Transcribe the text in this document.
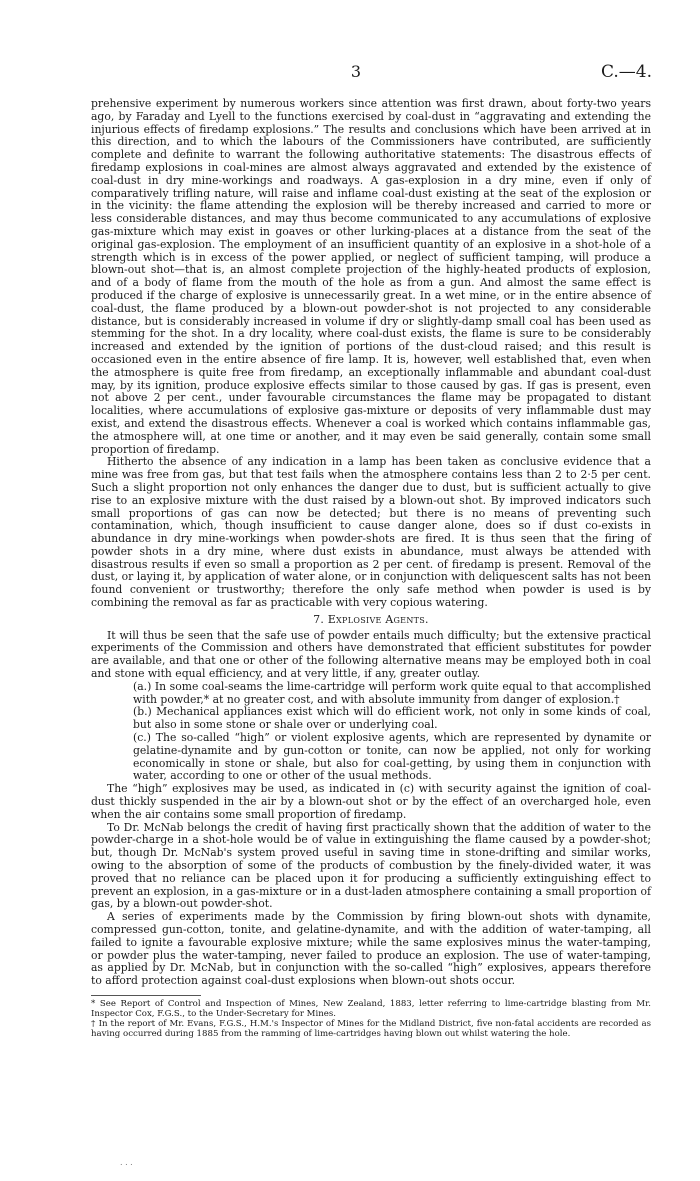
3	C.—4.

prehensive experiment by numerous workers since attention was first drawn, about forty-two years ago, by Faraday and Lyell to the functions exercised by coal-dust in “aggravating and extending the injurious effects of firedamp explosions.” The results and conclusions which have been arrived at in this direction, and to which the labours of the Commissioners have contributed, are sufficiently complete and definite to warrant the following authoritative statements: The disastrous effects of firedamp explosions in coal-mines are almost always aggravated and extended by the existence of coal-dust in dry mine-workings and roadways. A gas-explosion in a dry mine, even if only of comparatively trifling nature, will raise and inflame coal-dust existing at the seat of the explosion or in the vicinity: the flame attending the explosion will be thereby increased and carried to more or less considerable distances, and may thus become communicated to any accumulations of explosive gas-mixture which may exist in goaves or other lurking-places at a distance from the seat of the original gas-explosion. The employment of an insufficient quantity of an explosive in a shot-hole of a strength which is in excess of the power applied, or neglect of sufficient tamping, will produce a blown-out shot—that is, an almost complete projection of the highly-heated products of explosion, and of a body of flame from the mouth of the hole as from a gun. And almost the same effect is produced if the charge of explosive is unnecessarily great. In a wet mine, or in the entire absence of coal-dust, the flame produced by a blown-out powder-shot is not projected to any considerable distance, but is considerably increased in volume if dry or slightly-damp small coal has been used as stemming for the shot. In a dry locality, where coal-dust exists, the flame is sure to be considerably increased and extended by the ignition of portions of the dust-cloud raised; and this result is occasioned even in the entire absence of fire lamp. It is, however, well established that, even when the atmosphere is quite free from firedamp, an exceptionally inflammable and abundant coal-dust may, by its ignition, produce explosive effects similar to those caused by gas. If gas is present, even not above 2 per cent., under favourable circumstances the flame may be propagated to distant localities, where accumulations of explosive gas-mixture or deposits of very inflammable dust may exist, and extend the disastrous effects. Whenever a coal is worked which contains inflammable gas, the atmosphere will, at one time or another, and it may even be said generally, contain some small proportion of firedamp.

Hitherto the absence of any indication in a lamp has been taken as conclusive evidence that a mine was free from gas, but that test fails when the atmosphere contains less than 2 to 2·5 per cent. Such a slight proportion not only enhances the danger due to dust, but is sufficient actually to give rise to an explosive mixture with the dust raised by a blown-out shot. By improved indicators such small proportions of gas can now be detected; but there is no means of preventing such contamination, which, though insufficient to cause danger alone, does so if dust co-exists in abundance in dry mine-workings when powder-shots are fired. It is thus seen that the firing of powder shots in a dry mine, where dust exists in abundance, must always be attended with disastrous results if even so small a proportion as 2 per cent. of firedamp is present. Removal of the dust, or laying it, by application of water alone, or in conjunction with deliquescent salts has not been found convenient or trustworthy; therefore the only safe method when powder is used is by combining the removal as far as practicable with very copious watering.

7. Explosive Agents.

It will thus be seen that the safe use of powder entails much difficulty; but the extensive practical experiments of the Commission and others have demonstrated that efficient substitutes for powder are available, and that one or other of the following alternative means may be employed both in coal and stone with equal efficiency, and at very little, if any, greater outlay.

(a.) In some coal-seams the lime-cartridge will perform work quite equal to that accomplished with powder,* at no greater cost, and with absolute immunity from danger of explosion.†

(b.) Mechanical appliances exist which will do efficient work, not only in some kinds of coal, but also in some stone or shale over or underlying coal.

(c.) The so-called “high” or violent explosive agents, which are represented by dynamite or gelatine-dynamite and by gun-cotton or tonite, can now be applied, not only for working economically in stone or shale, but also for coal-getting, by using them in conjunction with water, according to one or other of the usual methods.

The “high” explosives may be used, as indicated in (c) with security against the ignition of coal-dust thickly suspended in the air by a blown-out shot or by the effect of an overcharged hole, even when the air contains some small proportion of firedamp.

To Dr. McNab belongs the credit of having first practically shown that the addition of water to the powder-charge in a shot-hole would be of value in extinguishing the flame caused by a powder-shot; but, though Dr. McNab's system proved useful in saving time in stone-drifting and similar works, owing to the absorption of some of the products of combustion by the finely-divided water, it was proved that no reliance can be placed upon it for producing a sufficiently extinguishing effect to prevent an explosion, in a gas-mixture or in a dust-laden atmosphere containing a small proportion of gas, by a blown-out powder-shot.

A series of experiments made by the Commission by firing blown-out shots with dynamite, compressed gun-cotton, tonite, and gelatine-dynamite, and with the addition of water-tamping, all failed to ignite a favourable explosive mixture; while the same explosives minus the water-tamping, or powder plus the water-tamping, never failed to produce an explosion. The use of water-tamping, as applied by Dr. McNab, but in conjunction with the so-called “high” explosives, appears therefore to afford protection against coal-dust explosions when blown-out shots occur.

* See Report of Control and Inspection of Mines, New Zealand, 1883, letter referring to lime-cartridge blasting from Mr. Inspector Cox, F.G.S., to the Under-Secretary for Mines.

† In the report of Mr. Evans, F.G.S., H.M.'s Inspector of Mines for the Midland District, five non-fatal accidents are recorded as having occurred during 1885 from the ramming of lime-cartridges having blown out whilst watering the hole.

. . .
